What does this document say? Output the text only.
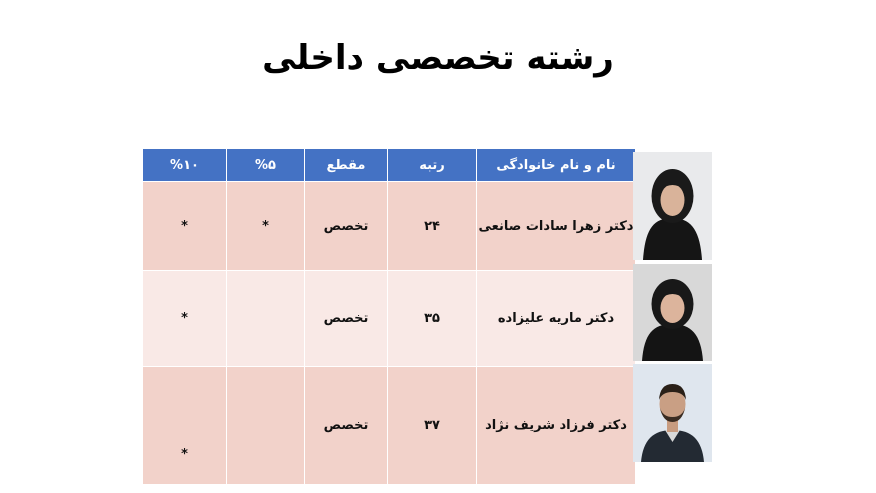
رشته تخصصی داخلی
نام و نام خانوادگی	رتبه	مقطع	%۵	%۱۰
دکتر زهرا سادات صانعی	۲۴	تخصص	*	*
دکتر ماریه علیزاده	۳۵	تخصص		*
دکتر فرزاد شریف نژاد	۳۷	تخصص		*
